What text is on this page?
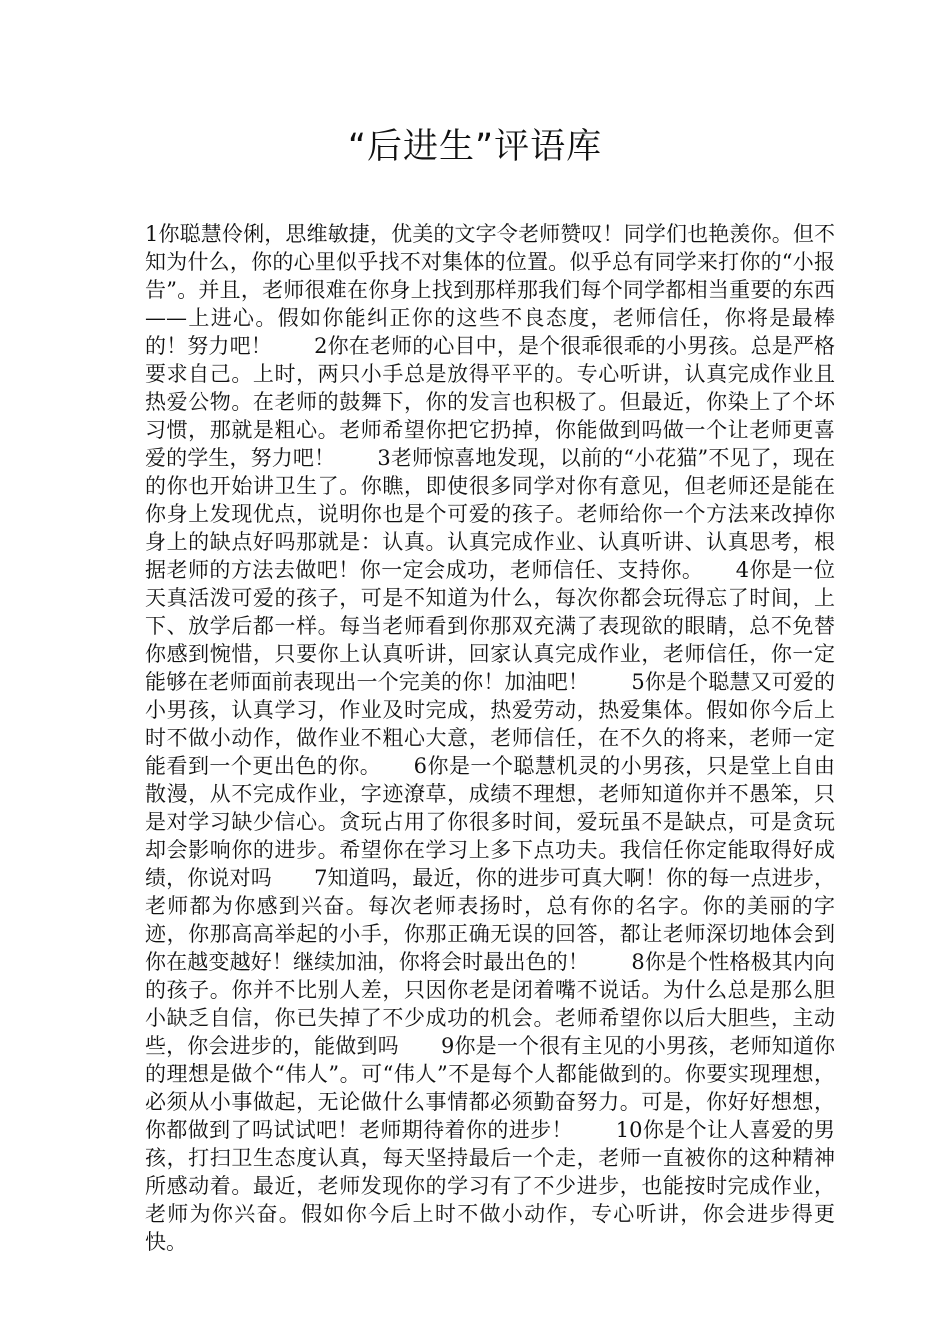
“后进生”评语库

1你聪慧伶俐，思维敏捷，优美的文字令老师赞叹！同学们也艳羡你。但不知为什么，你的心里似乎找不对集体的位置。似乎总有同学来打你的“小报告”。并且，老师很难在你身上找到那样那我们每个同学都相当重要的东西——上进心。假如你能纠正你的这些不良态度，老师信任，你将是最棒的！努力吧！　　2你在老师的心目中，是个很乖很乖的小男孩。总是严格要求自己。上时，两只小手总是放得平平的。专心听讲，认真完成作业且热爱公物。在老师的鼓舞下，你的发言也积极了。但最近，你染上了个坏习惯，那就是粗心。老师希望你把它扔掉，你能做到吗做一个让老师更喜爱的学生，努力吧！　　3老师惊喜地发现，以前的“小花猫”不见了，现在的你也开始讲卫生了。你瞧，即使很多同学对你有意见，但老师还是能在你身上发现优点，说明你也是个可爱的孩子。老师给你一个方法来改掉你身上的缺点好吗那就是：认真。认真完成作业、认真听讲、认真思考，根据老师的方法去做吧！你一定会成功，老师信任、支持你。　　4你是一位天真活泼可爱的孩子，可是不知道为什么，每次你都会玩得忘了时间，上下、放学后都一样。每当老师看到你那双充满了表现欲的眼睛，总不免替你感到惋惜，只要你上认真听讲，回家认真完成作业，老师信任，你一定能够在老师面前表现出一个完美的你！加油吧！　　5你是个聪慧又可爱的小男孩，认真学习，作业及时完成，热爱劳动，热爱集体。假如你今后上时不做小动作，做作业不粗心大意，老师信任，在不久的将来，老师一定能看到一个更出色的你。　　6你是一个聪慧机灵的小男孩，只是堂上自由散漫，从不完成作业，字迹潦草，成绩不理想，老师知道你并不愚笨，只是对学习缺少信心。贪玩占用了你很多时间，爱玩虽不是缺点，可是贪玩却会影响你的进步。希望你在学习上多下点功夫。我信任你定能取得好成绩，你说对吗　　7知道吗，最近，你的进步可真大啊！你的每一点进步，老师都为你感到兴奋。每次老师表扬时，总有你的名字。你的美丽的字迹，你那高高举起的小手，你那正确无误的回答，都让老师深切地体会到你在越变越好！继续加油，你将会时最出色的！　　8你是个性格极其内向的孩子。你并不比别人差，只因你老是闭着嘴不说话。为什么总是那么胆小缺乏自信，你已失掉了不少成功的机会。老师希望你以后大胆些，主动些，你会进步的，能做到吗　　9你是一个很有主见的小男孩，老师知道你的理想是做个“伟人”。可“伟人”不是每个人都能做到的。你要实现理想，必须从小事做起，无论做什么事情都必须勤奋努力。可是，你好好想想，你都做到了吗试试吧！老师期待着你的进步！　　10你是个让人喜爱的男孩，打扫卫生态度认真，每天坚持最后一个走，老师一直被你的这种精神所感动着。最近，老师发现你的学习有了不少进步，也能按时完成作业，老师为你兴奋。假如你今后上时不做小动作，专心听讲，你会进步得更快。
